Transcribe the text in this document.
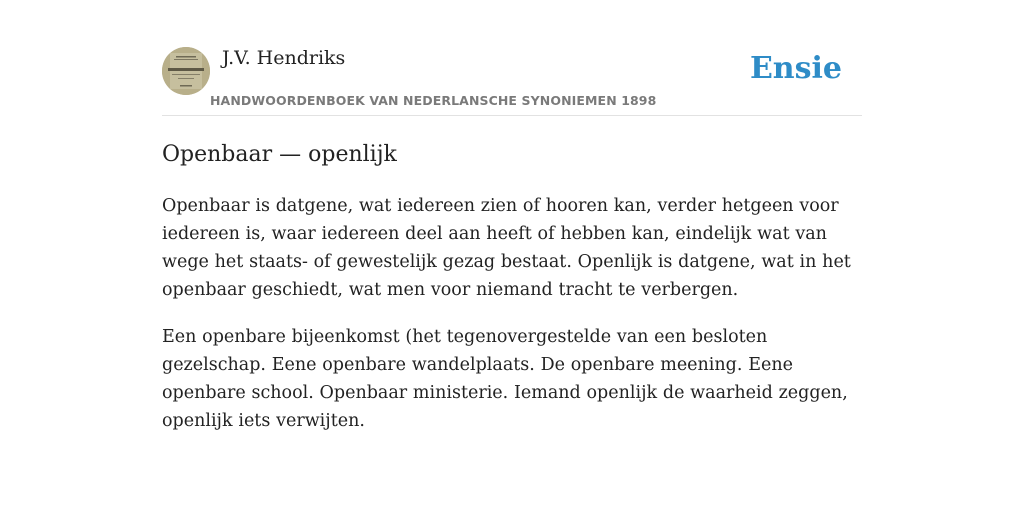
J.V. Hendriks
HANDWOORDENBOEK VAN NEDERLANSCHE SYNONIEMEN 1898
Ensie
Openbaar — openlijk

Openbaar is datgene, wat iedereen zien of hooren kan, verder hetgeen voor iedereen is, waar iedereen deel aan heeft of hebben kan, eindelijk wat van wege het staats- of gewestelijk gezag bestaat. Openlijk is datgene, wat in het openbaar geschiedt, wat men voor niemand tracht te verbergen.

Een openbare bijeenkomst (het tegenovergestelde van een besloten gezelschap. Eene openbare wandelplaats. De openbare meening. Eene openbare school. Openbaar ministerie. Iemand openlijk de waarheid zeggen, openlijk iets verwijten.
